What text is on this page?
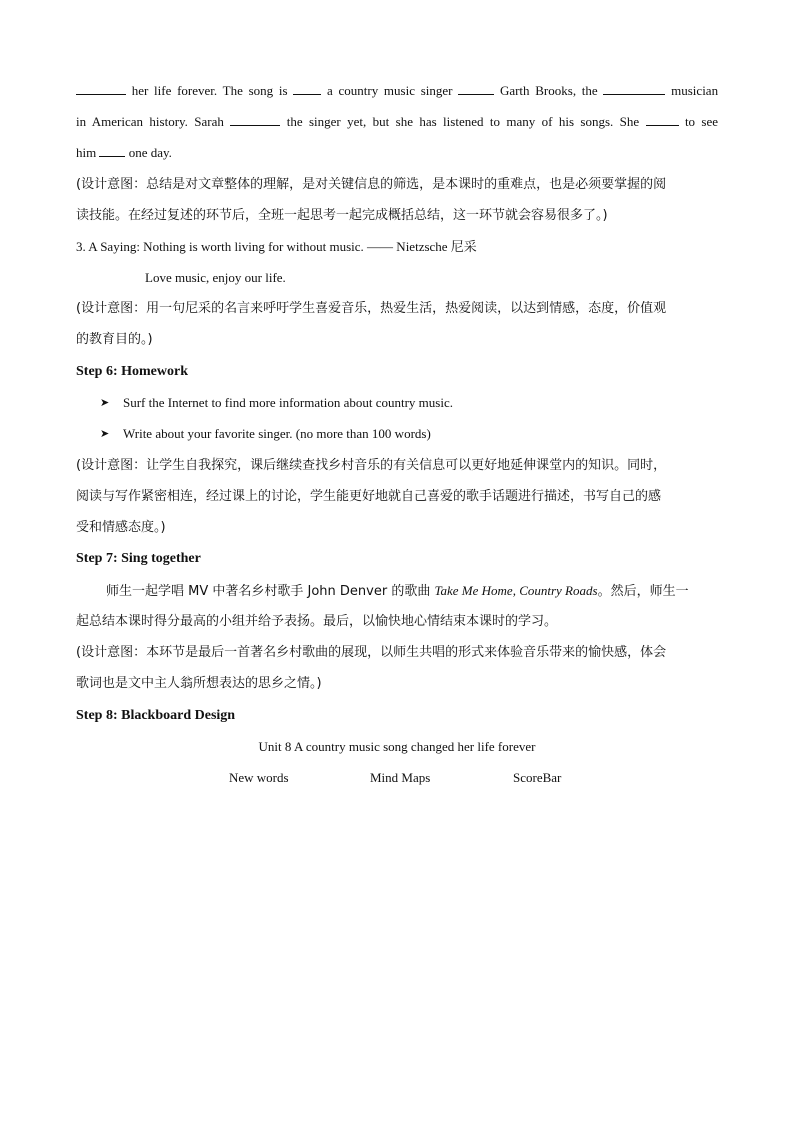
her life forever. The song is	a country music singer	Garth Brooks, the	musician
in American history. Sarah	the singer yet, but she has listened to many of his songs. She	to see
him	one day.
(设计意图：总结是对文章整体的理解，是对关键信息的筛选，是本课时的重难点，也是必须要掌握的阅
读技能。在经过复述的环节后，全班一起思考一起完成概括总结，这一环节就会容易很多了。)
3. A Saying: Nothing is worth living for without music. —— Nietzsche 尼采
Love music, enjoy our life.
(设计意图：用一句尼采的名言来呼吁学生喜爱音乐，热爱生活，热爱阅读，以达到情感，态度，价值观
的教育目的。)
Step 6: Homework
➤ Surf the Internet to find more information about country music.
➤ Write about your favorite singer. (no more than 100 words)
(设计意图：让学生自我探究，课后继续查找乡村音乐的有关信息可以更好地延伸课堂内的知识。同时，
阅读与写作紧密相连，经过课上的讨论，学生能更好地就自己喜爱的歌手话题进行描述，书写自己的感
受和情感态度。)
Step 7: Sing together
师生一起学唱 MV 中著名乡村歌手 John Denver 的歌曲 Take Me Home, Country Roads。然后，师生一
起总结本课时得分最高的小组并给予表扬。最后，以愉快地心情结束本课时的学习。
(设计意图：本环节是最后一首著名乡村歌曲的展现，以师生共唱的形式来体验音乐带来的愉快感，体会
歌词也是文中主人翁所想表达的思乡之情。)
Step 8: Blackboard Design
Unit 8 A country music song changed her life forever
New words	Mind Maps	ScoreBar
